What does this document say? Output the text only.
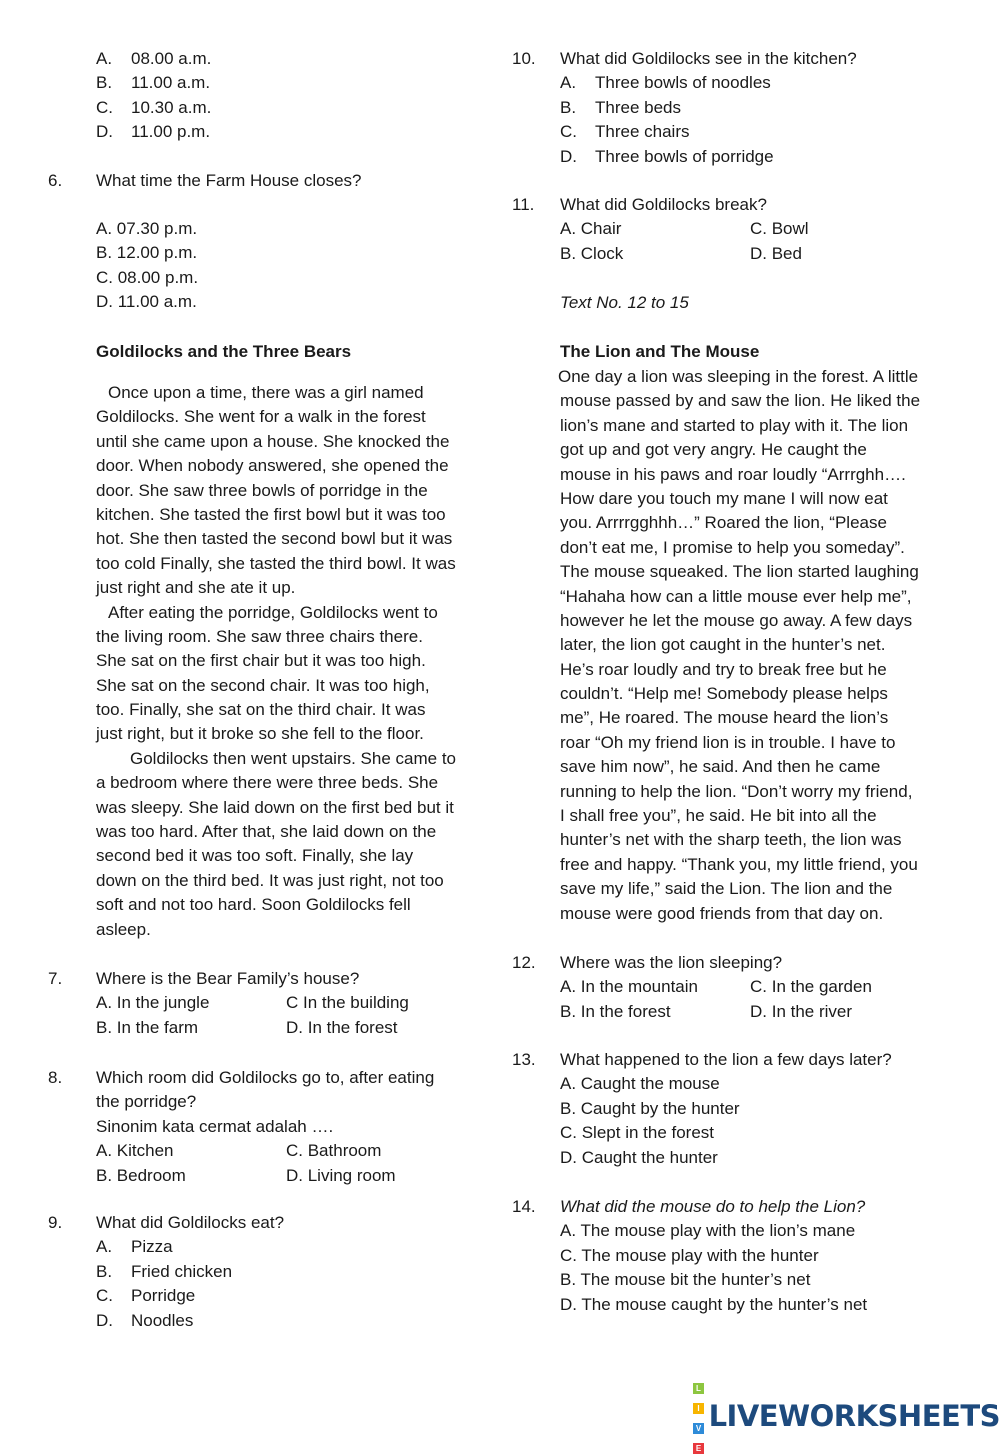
A. 08.00 a.m.
B. 11.00 a.m.
C. 10.30 a.m.
D. 11.00 p.m.
6. What time the Farm House closes?
A. 07.30 p.m.
B. 12.00 p.m.
C. 08.00 p.m.
D. 11.00 a.m.
Goldilocks and the Three Bears
Once upon a time, there was a girl named
Goldilocks. She went for a walk in the forest
until she came upon a house. She knocked the
door. When nobody answered, she opened the
door. She saw three bowls of porridge in the
kitchen. She tasted the first bowl but it was too
hot. She then tasted the second bowl but it was
too cold Finally, she tasted the third bowl. It was
just right and she ate it up.
After eating the porridge, Goldilocks went to
the living room. She saw three chairs there.
She sat on the first chair but it was too high.
She sat on the second chair. It was too high,
too. Finally, she sat on the third chair. It was
just right, but it broke so she fell to the floor.
Goldilocks then went upstairs. She came to
a bedroom where there were three beds. She
was sleepy. She laid down on the first bed but it
was too hard. After that, she laid down on the
second bed it was too soft. Finally, she lay
down on the third bed. It was just right, not too
soft and not too hard. Soon Goldilocks fell
asleep.
7. Where is the Bear Family’s house?
A. In the jungle	C In the building
B. In the farm	D. In the forest
8. Which room did Goldilocks go to, after eating
the porridge?
Sinonim kata cermat adalah ….
A. Kitchen	C. Bathroom
B. Bedroom	D. Living room
9. What did Goldilocks eat?
A. Pizza
B. Fried chicken
C. Porridge
D. Noodles
10. What did Goldilocks see in the kitchen?
A. Three bowls of noodles
B. Three beds
C. Three chairs
D. Three bowls of porridge
11. What did Goldilocks break?
A. Chair	C. Bowl
B. Clock	D. Bed
Text No. 12 to 15
The Lion and The Mouse
One day a lion was sleeping in the forest. A little
mouse passed by and saw the lion. He liked the
lion’s mane and started to play with it. The lion
got up and got very angry. He caught the
mouse in his paws and roar loudly “Arrrghh….
How dare you touch my mane I will now eat
you. Arrrrgghhh…” Roared the lion, “Please
don’t eat me, I promise to help you someday”.
The mouse squeaked. The lion started laughing
“Hahaha how can a little mouse ever help me”,
however he let the mouse go away. A few days
later, the lion got caught in the hunter’s net.
He’s roar loudly and try to break free but he
couldn’t. “Help me! Somebody please helps
me”, He roared. The mouse heard the lion’s
roar “Oh my friend lion is in trouble. I have to
save him now”, he said. And then he came
running to help the lion. “Don’t worry my friend,
I shall free you”, he said. He bit into all the
hunter’s net with the sharp teeth, the lion was
free and happy. “Thank you, my little friend, you
save my life,” said the Lion. The lion and the
mouse were good friends from that day on.
12. Where was the lion sleeping?
A. In the mountain	C. In the garden
B. In the forest	D. In the river
13. What happened to the lion a few days later?
A. Caught the mouse
B. Caught by the hunter
C. Slept in the forest
D. Caught the hunter
14. What did the mouse do to help the Lion?
A. The mouse play with the lion’s mane
C. The mouse play with the hunter
B. The mouse bit the hunter’s net
D. The mouse caught by the hunter’s net
LI
VE
LIVEWORKSHEETS
